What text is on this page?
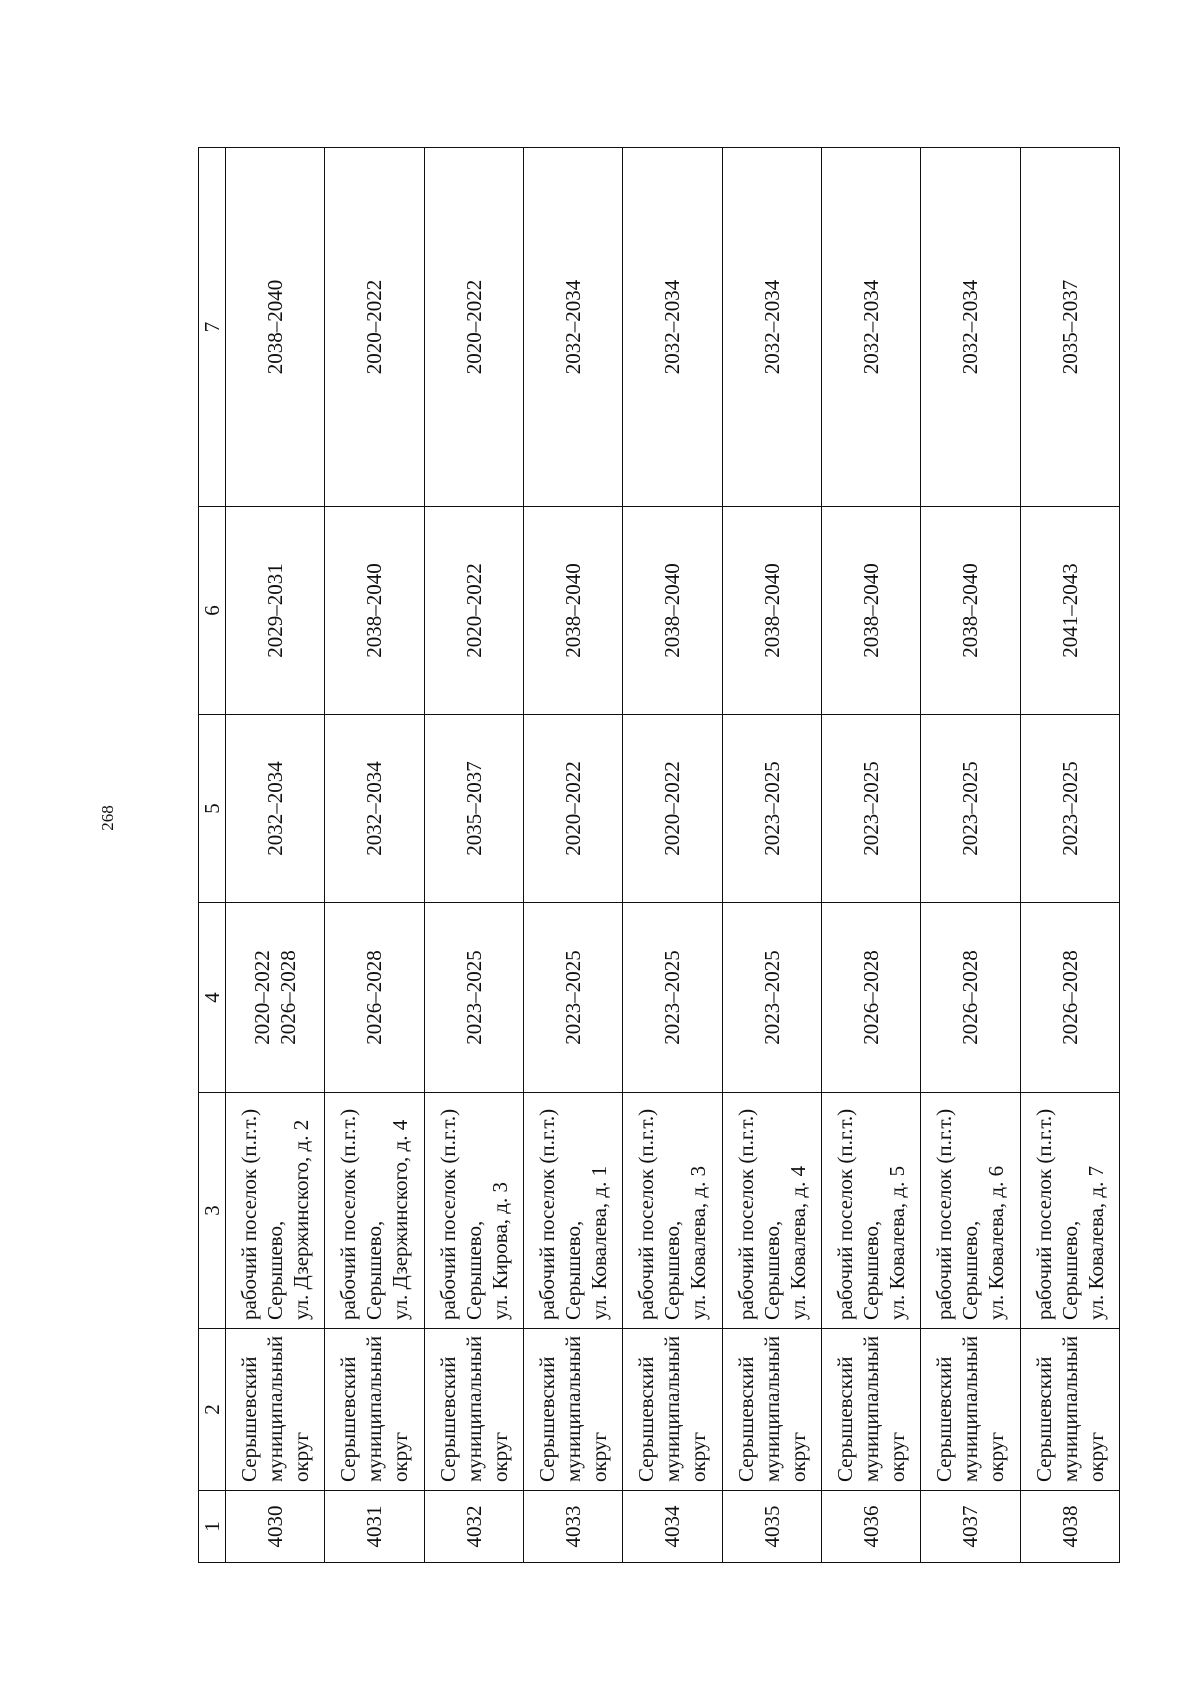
268
1	2	3	4	5	6	7
4030	Серышевский муниципальный округ	рабочий поселок (п.г.т.) Серышево, ул. Дзержинского, д. 2	2020–2022 2026–2028	2032–2034	2029–2031	2038–2040
4031	Серышевский муниципальный округ	рабочий поселок (п.г.т.) Серышево, ул. Дзержинского, д. 4	2026–2028	2032–2034	2038–2040	2020–2022
4032	Серышевский муниципальный округ	рабочий поселок (п.г.т.) Серышево, ул. Кирова, д. 3	2023–2025	2035–2037	2020–2022	2020–2022
4033	Серышевский муниципальный округ	рабочий поселок (п.г.т.) Серышево, ул. Ковалева, д. 1	2023–2025	2020–2022	2038–2040	2032–2034
4034	Серышевский муниципальный округ	рабочий поселок (п.г.т.) Серышево, ул. Ковалева, д. 3	2023–2025	2020–2022	2038–2040	2032–2034
4035	Серышевский муниципальный округ	рабочий поселок (п.г.т.) Серышево, ул. Ковалева, д. 4	2023–2025	2023–2025	2038–2040	2032–2034
4036	Серышевский муниципальный округ	рабочий поселок (п.г.т.) Серышево, ул. Ковалева, д. 5	2026–2028	2023–2025	2038–2040	2032–2034
4037	Серышевский муниципальный округ	рабочий поселок (п.г.т.) Серышево, ул. Ковалева, д. 6	2026–2028	2023–2025	2038–2040	2032–2034
4038	Серышевский муниципальный округ	рабочий поселок (п.г.т.) Серышево, ул. Ковалева, д. 7	2026–2028	2023–2025	2041–2043	2035–2037
